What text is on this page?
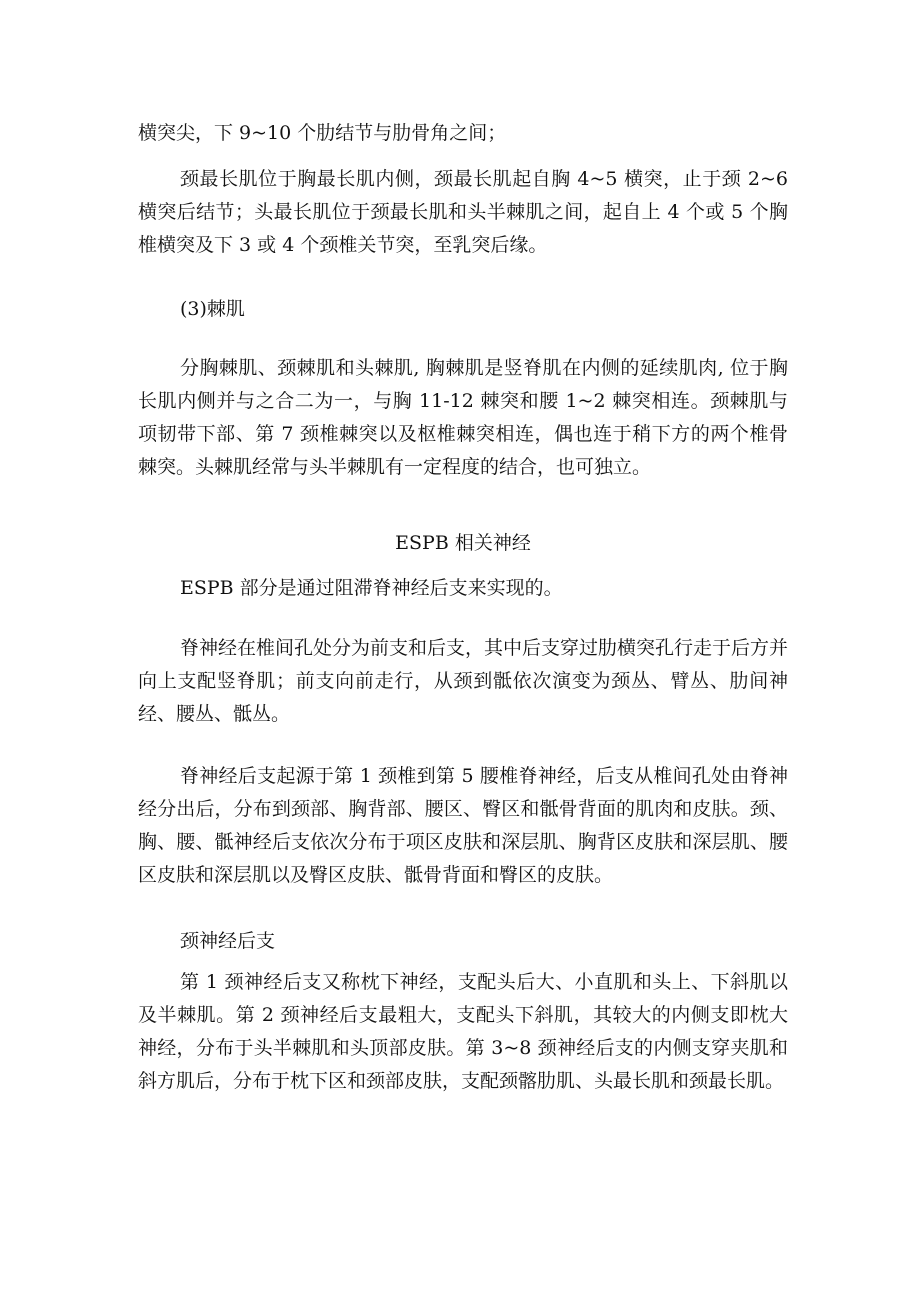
横突尖，下 9~10 个肋结节与肋骨角之间；

颈最长肌位于胸最长肌内侧，颈最长肌起自胸 4~5 横突，止于颈 2~6 横突后结节；头最长肌位于颈最长肌和头半棘肌之间，起自上 4 个或 5 个胸椎横突及下 3 或 4 个颈椎关节突，至乳突后缘。

(3)棘肌

分胸棘肌、颈棘肌和头棘肌, 胸棘肌是竖脊肌在内侧的延续肌肉, 位于胸长肌内侧并与之合二为一，与胸 11-12 棘突和腰 1~2 棘突相连。颈棘肌与项韧带下部、第 7 颈椎棘突以及枢椎棘突相连，偶也连于稍下方的两个椎骨棘突。头棘肌经常与头半棘肌有一定程度的结合，也可独立。

ESPB 相关神经

ESPB 部分是通过阻滞脊神经后支来实现的。

脊神经在椎间孔处分为前支和后支，其中后支穿过肋横突孔行走于后方并向上支配竖脊肌；前支向前走行，从颈到骶依次演变为颈丛、臂丛、肋间神经、腰丛、骶丛。

脊神经后支起源于第 1 颈椎到第 5 腰椎脊神经，后支从椎间孔处由脊神经分出后，分布到颈部、胸背部、腰区、臀区和骶骨背面的肌肉和皮肤。颈、胸、腰、骶神经后支依次分布于项区皮肤和深层肌、胸背区皮肤和深层肌、腰区皮肤和深层肌以及臀区皮肤、骶骨背面和臀区的皮肤。

颈神经后支

第 1 颈神经后支又称枕下神经，支配头后大、小直肌和头上、下斜肌以及半棘肌。第 2 颈神经后支最粗大，支配头下斜肌，其较大的内侧支即枕大神经，分布于头半棘肌和头顶部皮肤。第 3~8 颈神经后支的内侧支穿夹肌和斜方肌后，分布于枕下区和颈部皮肤，支配颈髂肋肌、头最长肌和颈最长肌。
